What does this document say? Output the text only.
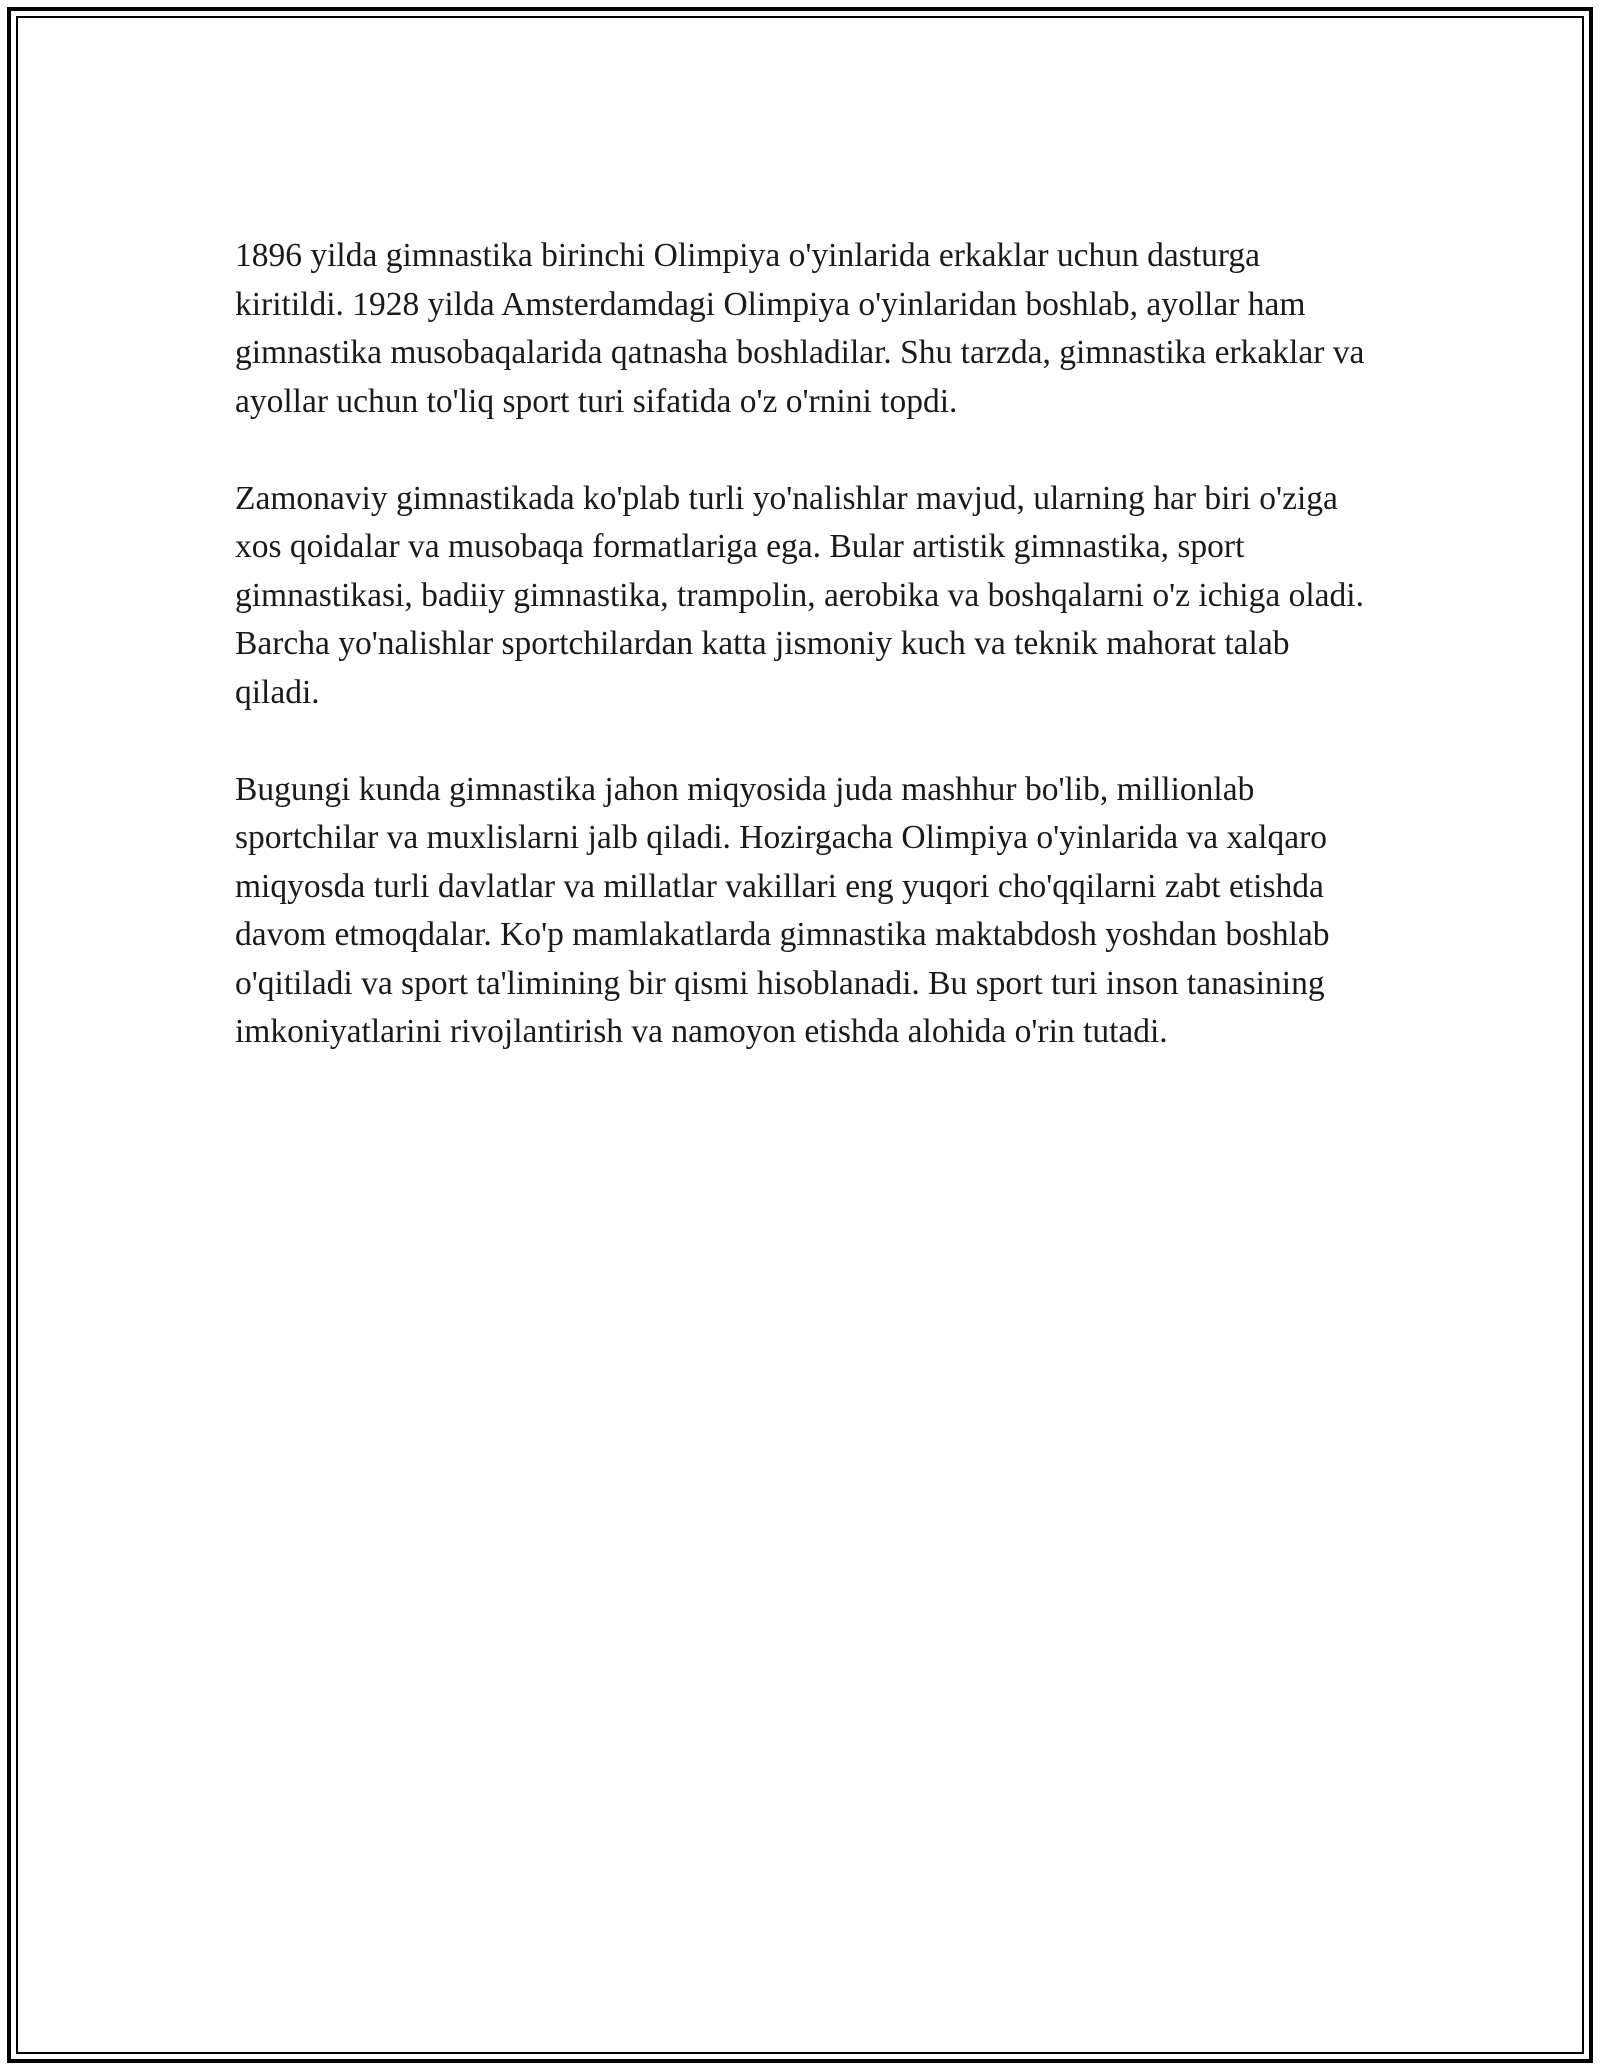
1896 yilda gimnastika birinchi Olimpiya o'yinlarida erkaklar uchun dasturga kiritildi. 1928 yilda Amsterdamdagi Olimpiya o'yinlaridan boshlab, ayollar ham gimnastika musobaqalarida qatnasha boshladilar. Shu tarzda, gimnastika erkaklar va ayollar uchun to'liq sport turi sifatida o'z o'rnini topdi.

Zamonaviy gimnastikada ko'plab turli yo'nalishlar mavjud, ularning har biri o'ziga xos qoidalar va musobaqa formatlariga ega. Bular artistik gimnastika, sport gimnastikasi, badiiy gimnastika, trampolin, aerobika va boshqalarni o'z ichiga oladi. Barcha yo'nalishlar sportchilardan katta jismoniy kuch va teknik mahorat talab qiladi.

Bugungi kunda gimnastika jahon miqyosida juda mashhur bo'lib, millionlab sportchilar va muxlislarni jalb qiladi. Hozirgacha Olimpiya o'yinlarida va xalqaro miqyosda turli davlatlar va millatlar vakillari eng yuqori cho'qqilarni zabt etishda davom etmoqdalar. Ko'p mamlakatlarda gimnastika maktabdosh yoshdan boshlab o'qitiladi va sport ta'limining bir qismi hisoblanadi. Bu sport turi inson tanasining imkoniyatlarini rivojlantirish va namoyon etishda alohida o'rin tutadi.
